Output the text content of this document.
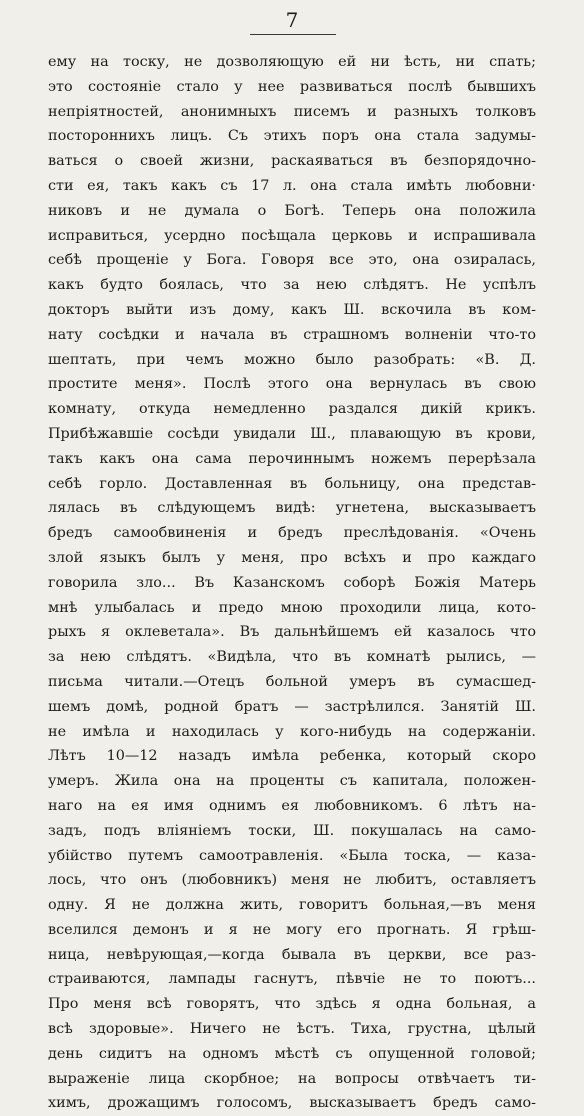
7
ему на тоску, не дозволяющую ей ни ѣсть, ни спать;
это состояніе стало у нее развиваться послѣ бывшихъ
непріятностей, анонимныхъ писемъ и разныхъ толковъ
постороннихъ лицъ. Съ этихъ поръ она стала задумы-
ваться о своей жизни, раскаяваться въ безпорядочно-
сти ея, такъ какъ съ 17 л. она стала имѣть любовни·
никовъ и не думала о Богѣ. Теперь она положила
исправиться, усердно посѣщала церковь и испрашивала
себѣ прощеніе у Бога. Говоря все это, она озиралась,
какъ будто боялась, что за нею слѣдятъ. Не успѣлъ
докторъ выйти изъ дому, какъ Ш. вскочила въ ком-
нату сосѣдки и начала въ страшномъ волненіи что-то
шептать, при чемъ можно было разобрать: «В. Д.
простите меня». Послѣ этого она вернулась въ свою
комнату, откуда немедленно раздался дикій крикъ.
Прибѣжавшіе сосѣди увидали Ш., плавающую въ крови,
такъ какъ она сама перочиннымъ ножемъ перерѣзала
себѣ горло. Доставленная въ больницу, она представ-
лялась въ слѣдующемъ видѣ: угнетена, высказываетъ
бредъ самообвиненія и бредъ преслѣдованія. «Очень
злой языкъ былъ у меня, про всѣхъ и про каждаго
говорила зло... Въ Казанскомъ соборѣ Божія Матерь
мнѣ улыбалась и предо мною проходили лица, кото-
рыхъ я оклеветала». Въ дальнѣйшемъ ей казалось что
за нею слѣдятъ. «Видѣла, что въ комнатѣ рылись, —
письма читали.—Отецъ больной умеръ въ сумасшед-
шемъ домѣ, родной братъ — застрѣлился. Занятій Ш.
не имѣла и находилась у кого-нибудь на содержаніи.
Лѣтъ 10—12 назадъ имѣла ребенка, который скоро
умеръ. Жила она на проценты съ капитала, положен-
наго на ея имя однимъ ея любовникомъ. 6 лѣтъ на-
задъ, подъ вліяніемъ тоски, Ш. покушалась на само-
убійство путемъ самоотравленія. «Была тоска, — каза-
лось, что онъ (любовникъ) меня не любитъ, оставляетъ
одну. Я не должна жить, говоритъ больная,—въ меня
вселился демонъ и я не могу его прогнать. Я грѣш-
ница, невѣрующая,—когда бывала въ церкви, все раз-
страиваются, лампады гаснутъ, пѣвчіе не то поютъ...
Про меня всѣ говорятъ, что здѣсь я одна больная, а
всѣ здоровые». Ничего не ѣстъ. Тиха, грустна, цѣлый
день сидитъ на одномъ мѣстѣ съ опущенной головой;
выраженіе лица скорбное; на вопросы отвѣчаетъ ти-
химъ, дрожащимъ голосомъ, высказываетъ бредъ само-
